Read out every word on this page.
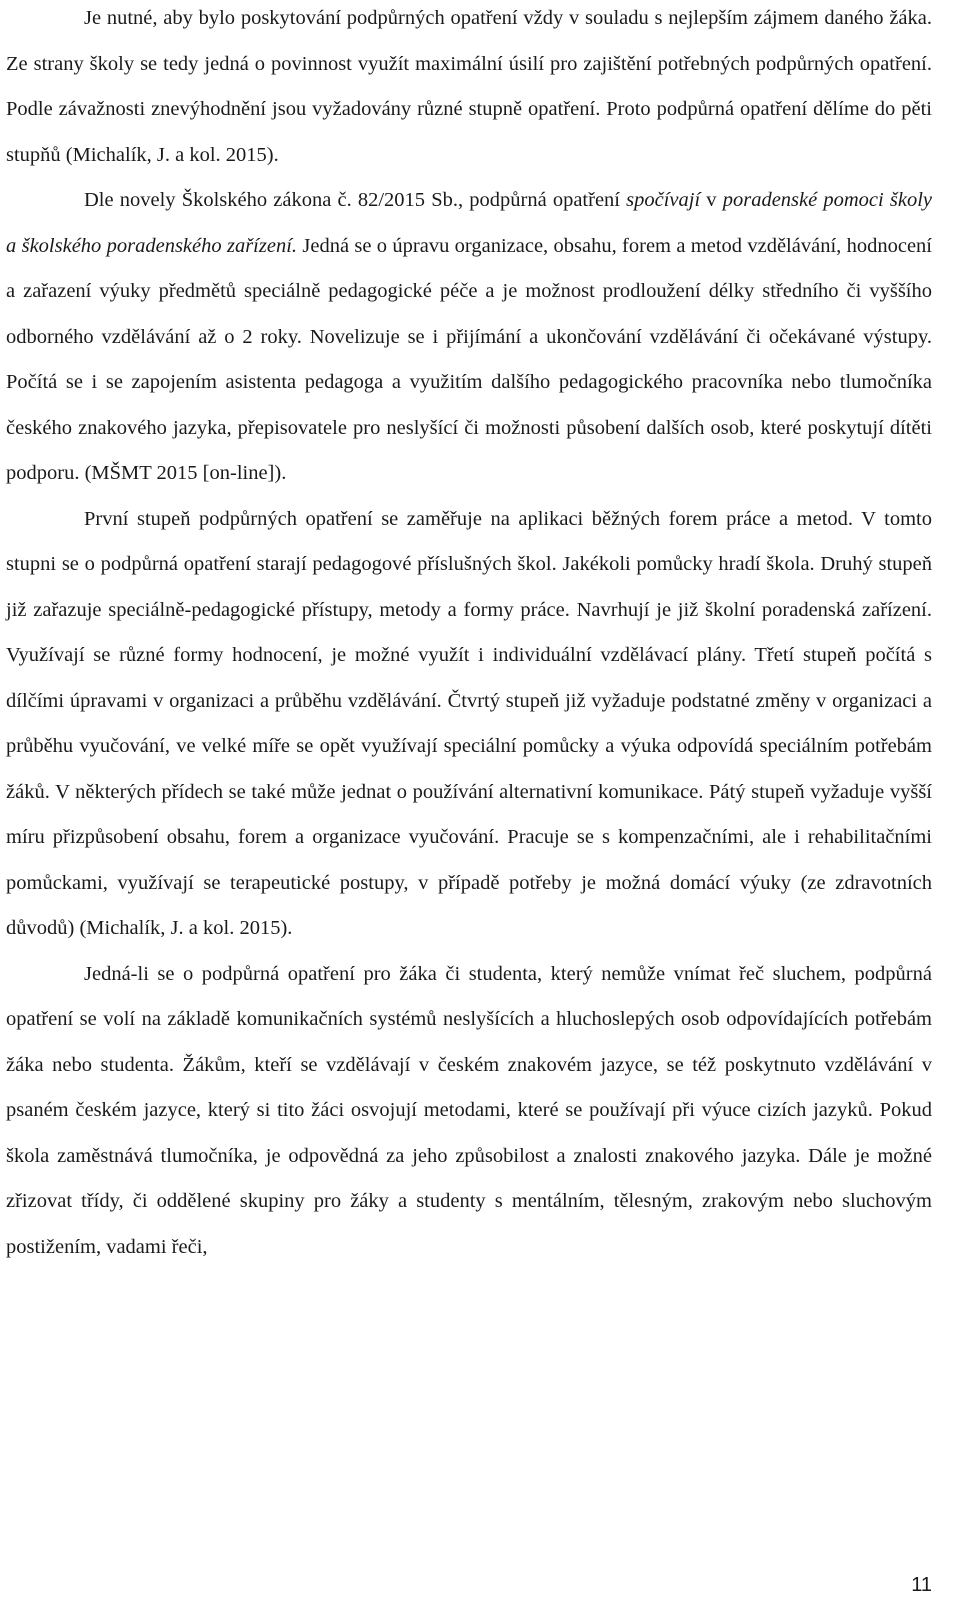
Je nutné, aby bylo poskytování podpůrných opatření vždy v souladu s nejlepším zájmem daného žáka. Ze strany školy se tedy jedná o povinnost využít maximální úsilí pro zajištění potřebných podpůrných opatření. Podle závažnosti znevýhodnění jsou vyžadovány různé stupně opatření. Proto podpůrná opatření dělíme do pěti stupňů (Michalík, J. a kol. 2015).

Dle novely Školského zákona č. 82/2015 Sb., podpůrná opatření spočívají v poradenské pomoci školy a školského poradenského zařízení. Jedná se o úpravu organizace, obsahu, forem a metod vzdělávání, hodnocení a zařazení výuky předmětů speciálně pedagogické péče a je možnost prodloužení délky středního či vyššího odborného vzdělávání až o 2 roky. Novelizuje se i přijímání a ukončování vzdělávání či očekávané výstupy. Počítá se i se zapojením asistenta pedagoga a využitím dalšího pedagogického pracovníka nebo tlumočníka českého znakového jazyka, přepisovatele pro neslyšící či možnosti působení dalších osob, které poskytují dítěti podporu. (MŠMT 2015 [on-line]).

První stupeň podpůrných opatření se zaměřuje na aplikaci běžných forem práce a metod. V tomto stupni se o podpůrná opatření starají pedagogové příslušných škol. Jakékoli pomůcky hradí škola. Druhý stupeň již zařazuje speciálně-pedagogické přístupy, metody a formy práce. Navrhují je již školní poradenská zařízení. Využívají se různé formy hodnocení, je možné využít i individuální vzdělávací plány. Třetí stupeň počítá s dílčími úpravami v organizaci a průběhu vzdělávání. Čtvrtý stupeň již vyžaduje podstatné změny v organizaci a průběhu vyučování, ve velké míře se opět využívají speciální pomůcky a výuka odpovídá speciálním potřebám žáků. V některých přídech se také může jednat o používání alternativní komunikace. Pátý stupeň vyžaduje vyšší míru přizpůsobení obsahu, forem a organizace vyučování. Pracuje se s kompenzačními, ale i rehabilitačními pomůckami, využívají se terapeutické postupy, v případě potřeby je možná domácí výuky (ze zdravotních důvodů) (Michalík, J. a kol. 2015).

Jedná-li se o podpůrná opatření pro žáka či studenta, který nemůže vnímat řeč sluchem, podpůrná opatření se volí na základě komunikačních systémů neslyšících a hluchoslepých osob odpovídajících potřebám žáka nebo studenta. Žákům, kteří se vzdělávají v českém znakovém jazyce, se též poskytnuto vzdělávání v psaném českém jazyce, který si tito žáci osvojují metodami, které se používají při výuce cizích jazyků. Pokud škola zaměstnává tlumočníka, je odpovědná za jeho způsobilost a znalosti znakového jazyka. Dále je možné zřizovat třídy, či oddělené skupiny pro žáky a studenty s mentálním, tělesným, zrakovým nebo sluchovým postižením, vadami řeči,

11
